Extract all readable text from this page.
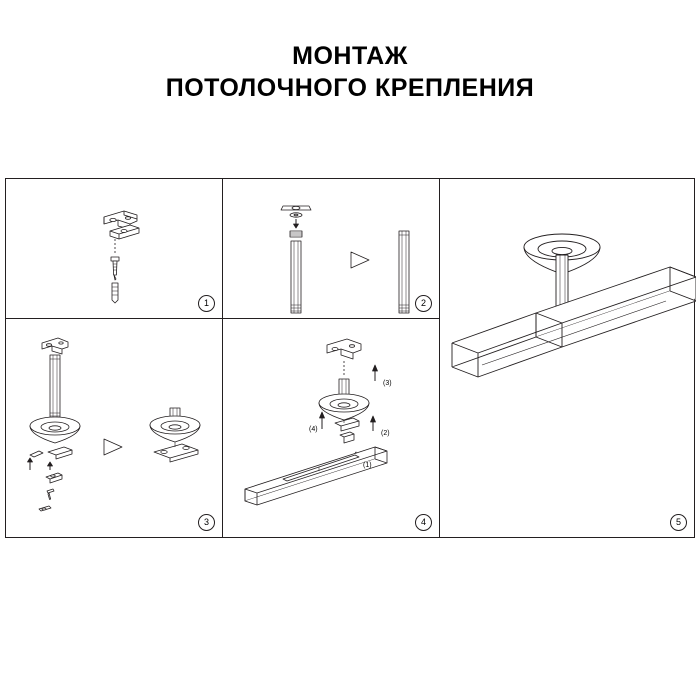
МОНТАЖ
ПОТОЛОЧНОГО КРЕПЛЕНИЯ
1	2
3
(3)
(4)
(2)
(1)
4	5
